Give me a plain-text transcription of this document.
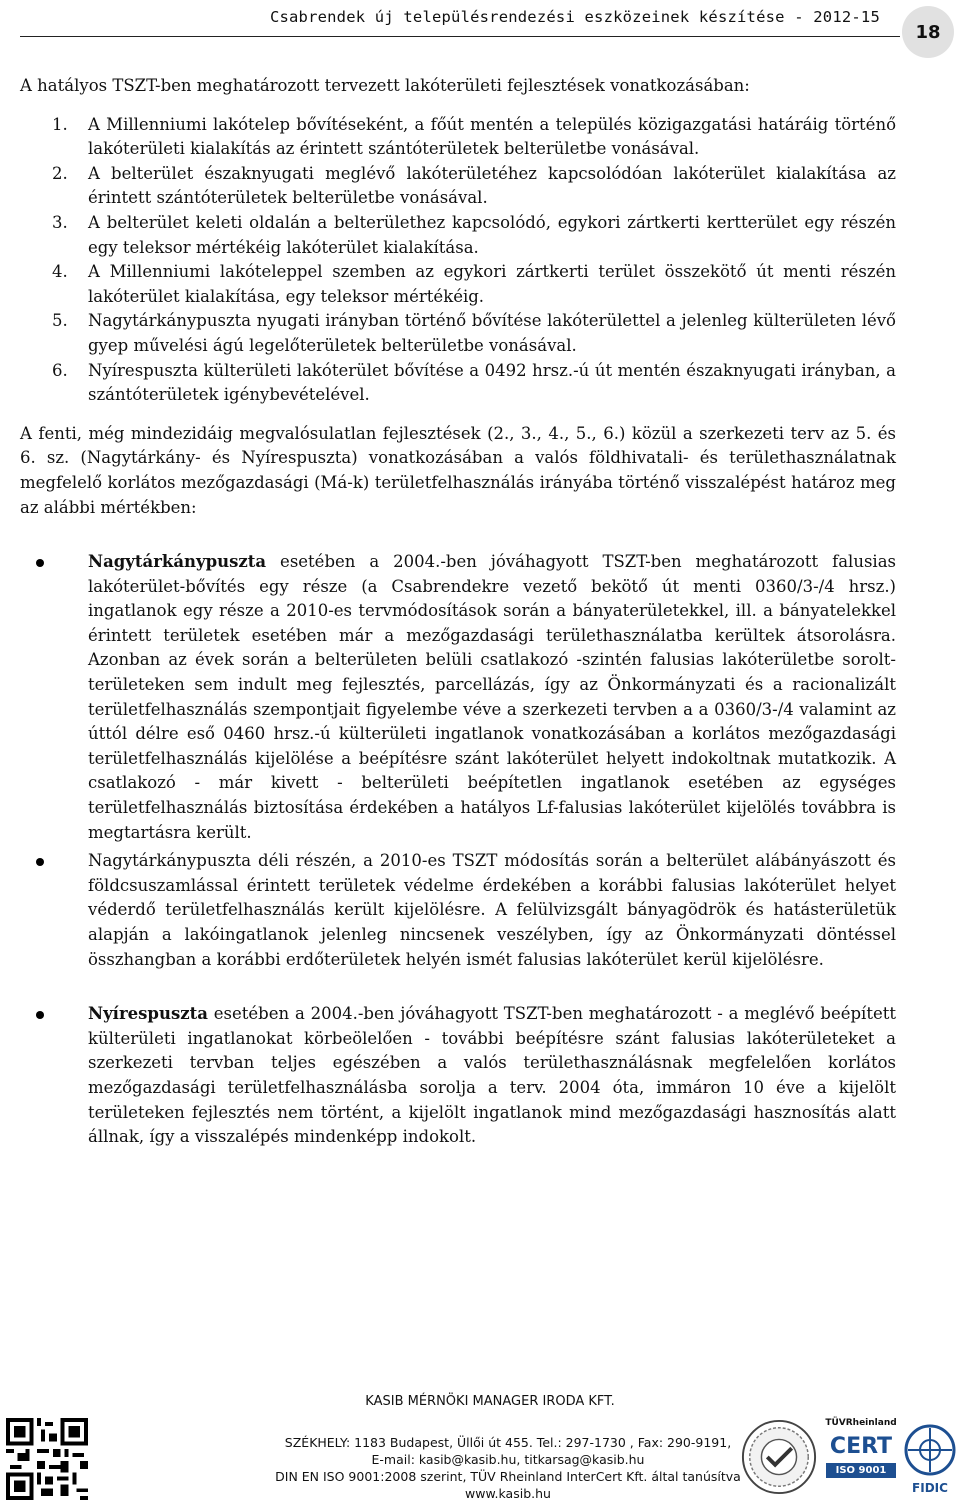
Csabrendek új településrendezési eszközeinek készítése - 2012-15
18

A hatályos TSZT-ben meghatározott tervezett lakóterületi fejlesztések vonatkozásában:

1. A Millenniumi lakótelep bővítéseként, a főút mentén a település közigazgatási határáig történő lakóterületi kialakítás az érintett szántóterületek belterületbe vonásával.
2. A belterület északnyugati meglévő lakóterületéhez kapcsolódóan lakóterület kialakítása az érintett szántóterületek belterületbe vonásával.
3. A belterület keleti oldalán a belterülethez kapcsolódó, egykori zártkerti kertterület egy részén egy teleksor mértékéig lakóterület kialakítása.
4. A Millenniumi lakóteleppel szemben az egykori zártkerti terület összekötő út menti részén lakóterület kialakítása, egy teleksor mértékéig.
5. Nagytárkánypuszta nyugati irányban történő bővítése lakóterülettel a jelenleg külterületen lévő gyep művelési ágú legelőterületek belterületbe vonásával.
6. Nyírespuszta külterületi lakóterület bővítése a 0492 hrsz.-ú út mentén északnyugati irányban, a szántóterületek igénybevételével.

A fenti, még mindezidáig megvalósulatlan fejlesztések (2., 3., 4., 5., 6.) közül a szerkezeti terv az 5. és 6. sz. (Nagytárkány- és Nyírespuszta) vonatkozásában a valós földhivatali- és területhasználatnak megfelelő korlátos mezőgazdasági (Má-k) területfelhasználás irányába történő visszalépést határoz meg az alábbi mértékben:

Nagytárkánypuszta esetében a 2004.-ben jóváhagyott TSZT-ben meghatározott falusias lakóterület-bővítés egy része (a Csabrendekre vezető bekötő út menti 0360/3-/4 hrsz.) ingatlanok egy része a 2010-es tervmódosítások során a bányaterületekkel, ill. a bányatelekkel érintett területek esetében már a mezőgazdasági területhasználatba kerültek átsorolásra. Azonban az évek során a belterületen belüli csatlakozó -szintén falusias lakóterületbe sorolt-területeken sem indult meg fejlesztés, parcellázás, így az Önkormányzati és a racionalizált területfelhasználás szempontjait figyelembe véve a szerkezeti tervben a a 0360/3-/4 valamint az úttól délre eső 0460 hrsz.-ú külterületi ingatlanok vonatkozásában a korlátos mezőgazdasági területfelhasználás kijelölése a beépítésre szánt lakóterület helyett indokoltnak mutatkozik. A csatlakozó - már kivett - belterületi beépítetlen ingatlanok esetében az egységes területfelhasználás biztosítása érdekében a hatályos Lf-falusias lakóterület kijelölés továbbra is megtartásra került.
Nagytárkánypuszta déli részén, a 2010-es TSZT módosítás során a belterület alábányászott és földcsuszamlással érintett területek védelme érdekében a korábbi falusias lakóterület helyet véderdő területfelhasználás került kijelölésre. A felülvizsgált bányagödrök és hatásterületük alapján a lakóingatlanok jelenleg nincsenek veszélyben, így az Önkormányzati döntéssel összhangban a korábbi erdőterületek helyén ismét falusias lakóterület kerül kijelölésre.
Nyírespuszta esetében a 2004.-ben jóváhagyott TSZT-ben meghatározott - a meglévő beépített külterületi ingatlanokat körbeölelően - további beépítésre szánt falusias lakóterületeket a szerkezeti tervban teljes egészében a valós területhasználásnak megfelelően korlátos mezőgazdasági területfelhasználásba sorolja a terv. 2004 óta, immáron 10 éve a kijelölt területeken fejlesztés nem történt, a kijelölt ingatlanok mind mezőgazdasági hasznosítás alatt állnak, így a visszalépés mindenképp indokolt.
KASIB MÉRNÖKI MANAGER IRODA KFT.
SZÉKHELY: 1183 Budapest, Üllői út 455. Tel.: 297-1730 , Fax: 290-9191,
E-mail: kasib@kasib.hu, titkarsag@kasib.hu
DIN EN ISO 9001:2008 szerint, TÜV Rheinland InterCert Kft. által tanúsítva
www.kasib.hu
TÜVRheinland
CERT
ISO 9001
FIDIC
